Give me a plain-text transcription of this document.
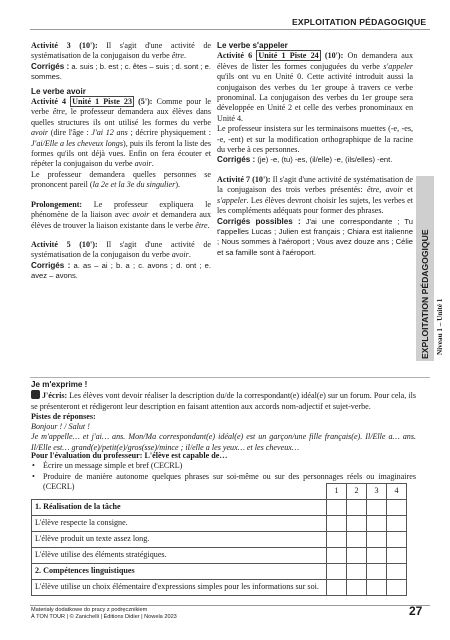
EXPLOITATION PÉDAGOGIQUE
EXPLOITATION PÉDAGOGIQUE Niveau 1 – Unité 1
Activité 3 (10'): Il s'agit d'une activité de systématisation de la conjugaison du verbe être.
Corrigés : a. suis ; b. est ; c. êtes – suis ; d. sont ; e. sommes.
Le verbe avoir
Activité 4 Unité 1 Piste 23 (5'): Comme pour le verbe être, le professeur demandera aux élèves dans quelles structures ils ont utilisé les formes du verbe avoir (dire l'âge : J'ai 12 ans ; décrire physiquement : J'ai/Elle a les cheveux longs), puis ils feront la liste des formes qu'ils ont déjà vues. Enfin on fera écouter et répéter la conjugaison du verbe avoir.
Le professeur demandera quelles personnes se prononcent pareil (la 2e et la 3e du singulier).
Prolongement: Le professeur expliquera le phénomène de la liaison avec avoir et demandera aux élèves de trouver la liaison existante dans le verbe être.
Activité 5 (10'): Il s'agit d'une activité de systématisation de la conjugaison du verbe avoir.
Corrigés : a. as – ai ; b. a ; c. avons ; d. ont ; e. avez – avons.
Le verbe s'appeler
Activité 6 Unité 1 Piste 24 (10'): On demandera aux élèves de lister les formes conjuguées du verbe s'appeler qu'ils ont vu en Unité 0. Cette activité introduit aussi la conjugaison des verbes du 1er groupe à travers ce verbe pronominal. La conjugaison des verbes du 1er groupe sera développée en Unité 2 et celle des verbes pronominaux en Unité 4.
Le professeur insistera sur les terminaisons muettes (-e, -es, -e, -ent) et sur la modification orthographique de la racine du verbe à ces personnes.
Corrigés : (je) -e, (tu) -es, (il/elle) -e, (ils/elles) -ent.
Activité 7 (10'): Il s'agit d'une activité de systématisation de la conjugaison des trois verbes présentés: être, avoir et s'appeler. Les élèves devront choisir les sujets, les verbes et les compléments adéquats pour former des phrases.
Corrigés possibles : J'ai une correspondante ; Tu t'appelles Lucas ; Julien est français ; Chiara est italienne ; Nous sommes à l'aéroport ; Vous avez douze ans ; Célie et sa famille sont à l'aéroport.
Je m'exprime !
J'écris: Les élèves vont devoir réaliser la description du/de la correspondant(e) idéal(e) sur un forum. Pour cela, ils se présenteront et rédigeront leur description en faisant attention aux accords nom-adjectif et sujet-verbe.
Pistes de réponses:
Bonjour ! / Salut !
Je m'appelle… et j'ai… ans. Mon/Ma correspondant(e) idéal(e) est un garçon/une fille français(e). Il/Elle a… ans. Il/Elle est… grand(e)/petit(e)/gros(sse)/mince ; il/elle a les yeux… et les cheveux…
Pour l'évaluation du professeur: L'élève est capable de…
• Écrire un message simple et bref (CECRL)
• Produire de manière autonome quelques phrases sur soi-même ou sur des personnages réels ou imaginaires (CECRL)
		1	2	3	4
1. Réalisation de la tâche				
L'élève respecte la consigne.				
L'élève produit un texte assez long.				
L'élève utilise des éléments stratégiques.				
2. Compétences linguistiques				
L'élève utilise un choix élémentaire d'expressions simples pour les informations sur soi.				
Materiały dodatkowe do pracy z podręcznikiem
À TON TOUR | © Zanichelli | Éditions Didier | Nowela 2023	27
